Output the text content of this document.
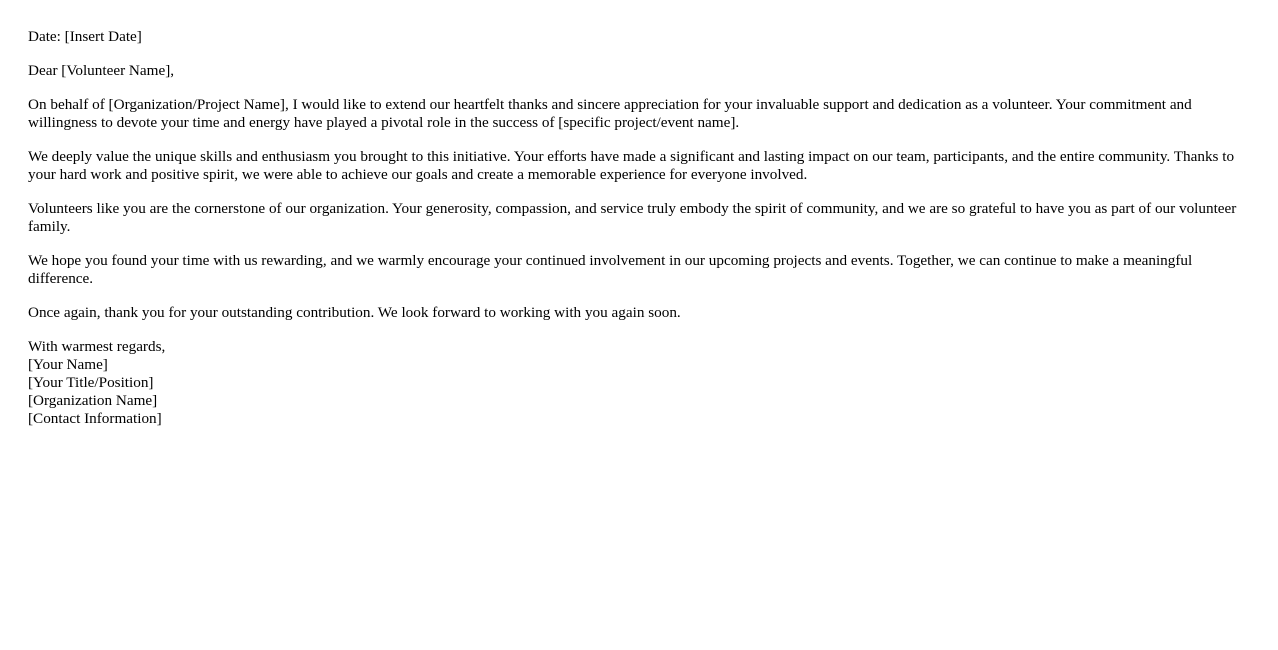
Date: [Insert Date]

Dear [Volunteer Name],

On behalf of [Organization/Project Name], I would like to extend our heartfelt thanks and sincere appreciation for your invaluable support and dedication as a volunteer. Your commitment and willingness to devote your time and energy have played a pivotal role in the success of [specific project/event name].

We deeply value the unique skills and enthusiasm you brought to this initiative. Your efforts have made a significant and lasting impact on our team, participants, and the entire community. Thanks to your hard work and positive spirit, we were able to achieve our goals and create a memorable experience for everyone involved.

Volunteers like you are the cornerstone of our organization. Your generosity, compassion, and service truly embody the spirit of community, and we are so grateful to have you as part of our volunteer family.

We hope you found your time with us rewarding, and we warmly encourage your continued involvement in our upcoming projects and events. Together, we can continue to make a meaningful difference.

Once again, thank you for your outstanding contribution. We look forward to working with you again soon.

With warmest regards,
[Your Name]
[Your Title/Position]
[Organization Name]
[Contact Information]
